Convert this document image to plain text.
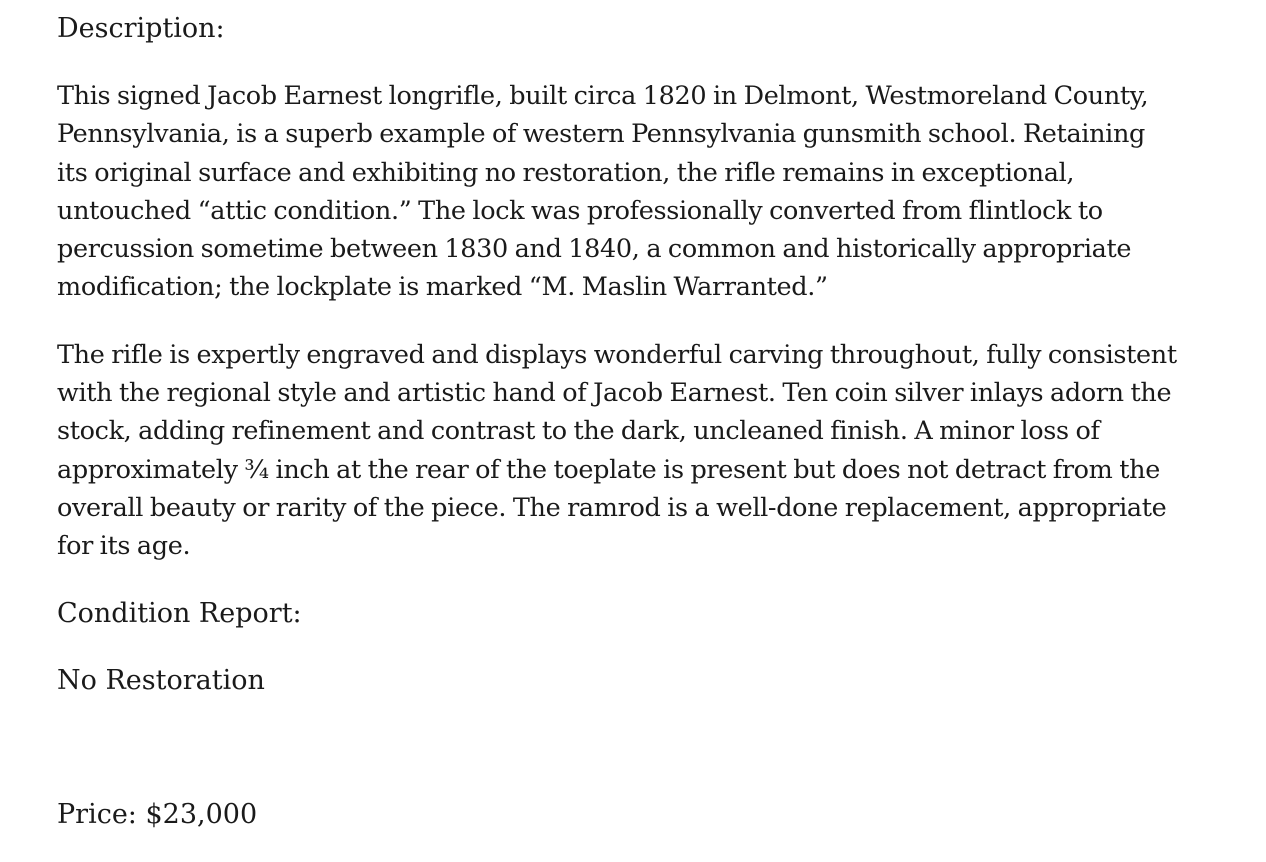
Description:

This signed Jacob Earnest longrifle, built circa 1820 in Delmont, Westmoreland County, Pennsylvania, is a superb example of western Pennsylvania gunsmith school. Retaining its original surface and exhibiting no restoration, the rifle remains in exceptional, untouched “attic condition.” The lock was professionally converted from flintlock to percussion sometime between 1830 and 1840, a common and historically appropriate modification; the lockplate is marked “M. Maslin Warranted.”

The rifle is expertly engraved and displays wonderful carving throughout, fully consistent with the regional style and artistic hand of Jacob Earnest. Ten coin silver inlays adorn the stock, adding refinement and contrast to the dark, uncleaned finish. A minor loss of approximately ¾ inch at the rear of the toeplate is present but does not detract from the overall beauty or rarity of the piece. The ramrod is a well-done replacement, appropriate for its age.

Condition Report:

No Restoration

Price: $23,000
